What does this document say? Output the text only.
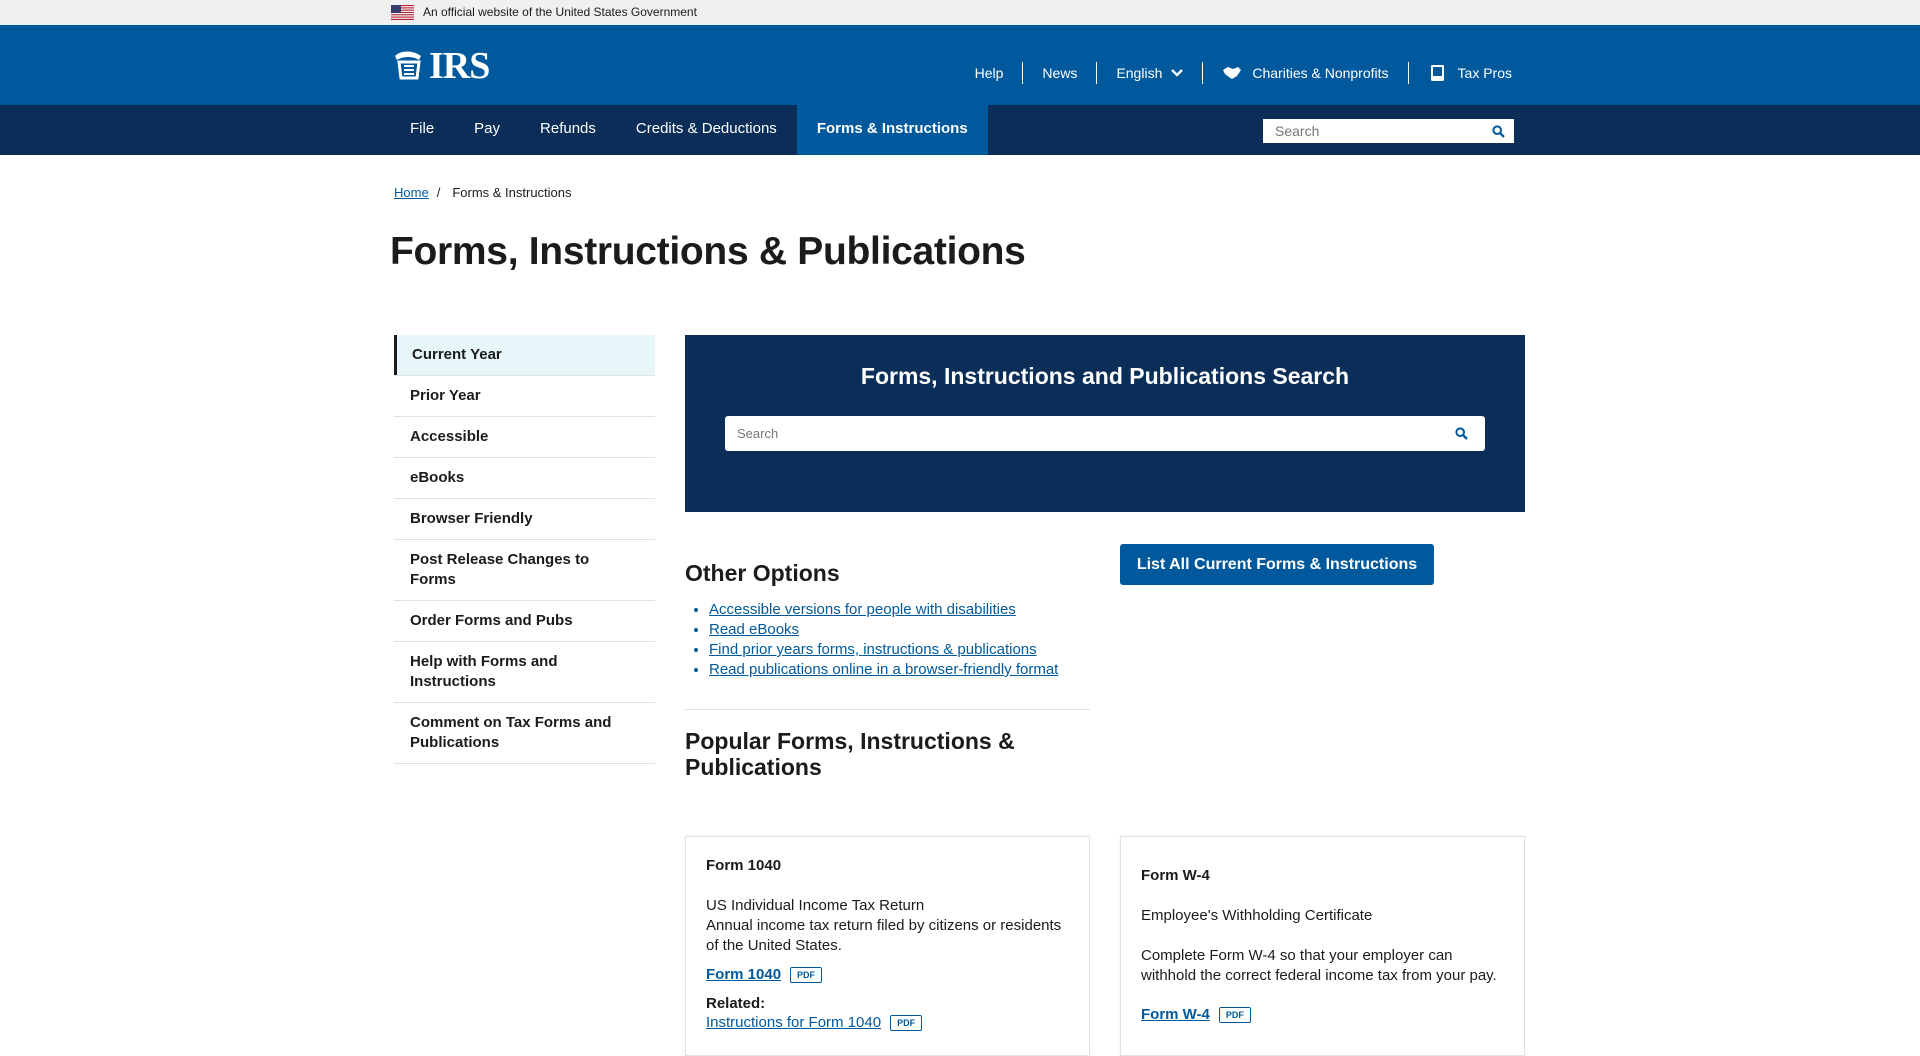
An official website of the United States Government
IRS	Help	News	English	Charities & Nonprofits	Tax Pros
File	Pay	Refunds	Credits & Deductions	Forms & Instructions
Search
Home / Forms & Instructions
Forms, Instructions & Publications
Current Year
Prior Year
Accessible
eBooks
Browser Friendly
Post Release Changes to Forms
Order Forms and Pubs
Help with Forms and Instructions
Comment on Tax Forms and Publications
Forms, Instructions and Publications Search
Search
Other Options
• Accessible versions for people with disabilities
• Read eBooks
• Find prior years forms, instructions & publications
• Read publications online in a browser-friendly format
List All Current Forms & Instructions
Popular Forms, Instructions & Publications
Form 1040
US Individual Income Tax Return
Annual income tax return filed by citizens or residents of the United States.
Form 1040	PDF
Related:
Instructions for Form 1040	PDF
Form W-4
Employee's Withholding Certificate
Complete Form W-4 so that your employer can withhold the correct federal income tax from your pay.
Form W-4	PDF
